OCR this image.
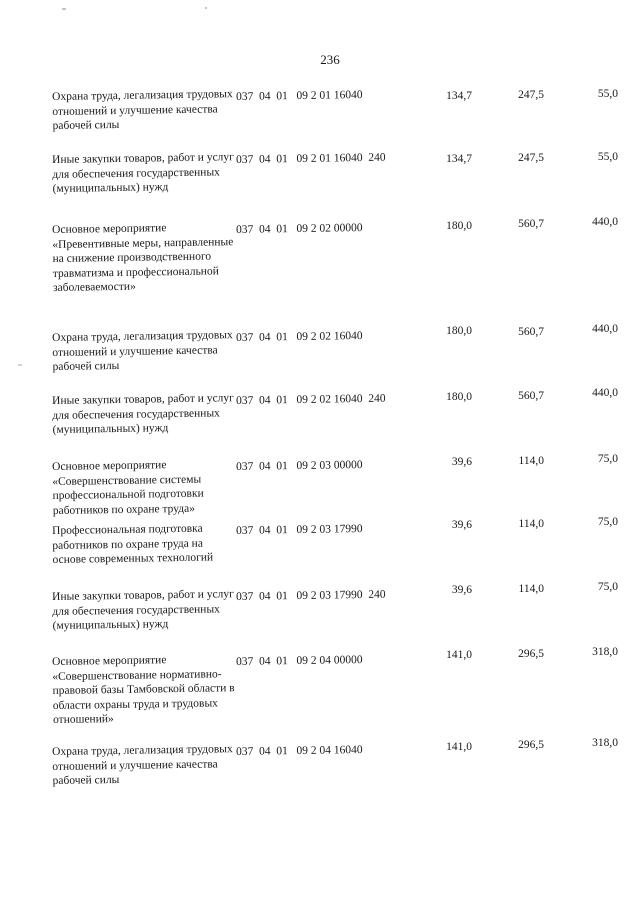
236
Охрана труда, легализация трудовых отношений и улучшение качества рабочей силы
037  04  01   09 2 01 16040	134,7	247,5	55,0
Иные закупки товаров, работ и услуг для обеспечения государственных (муниципальных) нужд
037  04  01   09 2 01 16040  240	134,7	247,5	55,0
Основное мероприятие «Превентивные меры, направленные на снижение производственного травматизма и профессиональной заболеваемости»
037  04  01   09 2 02 00000	180,0	560,7	440,0
Охрана труда, легализация трудовых отношений и улучшение качества рабочей силы
037  04  01   09 2 02 16040	180,0	560,7	440,0
Иные закупки товаров, работ и услуг для обеспечения государственных (муниципальных) нужд
037  04  01   09 2 02 16040  240	180,0	560,7	440,0
Основное мероприятие «Совершенствование системы профессиональной подготовки работников по охране труда»
037  04  01   09 2 03 00000	39,6	114,0	75,0
Профессиональная подготовка работников по охране труда на основе современных технологий
037  04  01   09 2 03 17990	39,6	114,0	75,0
Иные закупки товаров, работ и услуг для обеспечения государственных (муниципальных) нужд
037  04  01   09 2 03 17990  240	39,6	114,0	75,0
Основное мероприятие «Совершенствование нормативно-правовой базы Тамбовской области в области охраны труда и трудовых отношений»
037  04  01   09 2 04 00000	141,0	296,5	318,0
Охрана труда, легализация трудовых отношений и улучшение качества рабочей силы
037  04  01   09 2 04 16040	141,0	296,5	318,0
